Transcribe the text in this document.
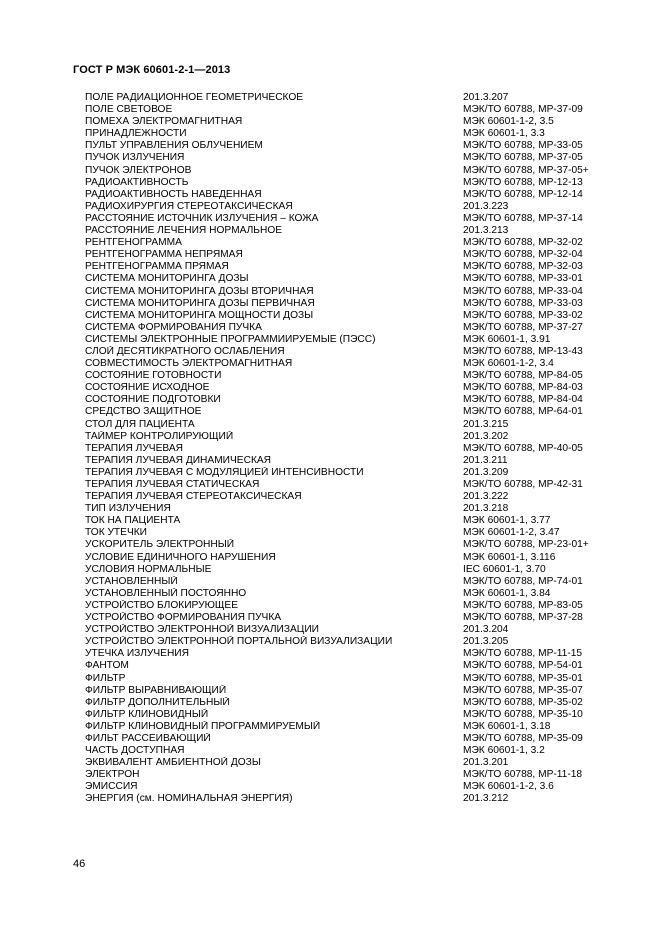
ГОСТ Р МЭК 60601-2-1—2013
ПОЛЕ РАДИАЦИОННОЕ ГЕОМЕТРИЧЕСКОЕ	201.3.207
ПОЛЕ СВЕТОВОЕ	МЭК/ТО 60788, МР-37-09
ПОМЕХА ЭЛЕКТРОМАГНИТНАЯ	МЭК 60601-1-2, 3.5
ПРИНАДЛЕЖНОСТИ	МЭК 60601-1, 3.3
ПУЛЬТ УПРАВЛЕНИЯ ОБЛУЧЕНИЕМ	МЭК/ТО 60788, МР-33-05
ПУЧОК ИЗЛУЧЕНИЯ	МЭК/ТО 60788, МР-37-05
ПУЧОК ЭЛЕКТРОНОВ	МЭК/ТО 60788, МР-37-05+
РАДИОАКТИВНОСТЬ	МЭК/ТО 60788, МР-12-13
РАДИОАКТИВНОСТЬ НАВЕДЕННАЯ	МЭК/ТО 60788, МР-12-14
РАДИОХИРУРГИЯ СТЕРЕОТАКСИЧЕСКАЯ	201.3.223
РАССТОЯНИЕ ИСТОЧНИК ИЗЛУЧЕНИЯ – КОЖА	МЭК/ТО 60788, МР-37-14
РАССТОЯНИЕ ЛЕЧЕНИЯ НОРМАЛЬНОЕ	201.3.213
РЕНТГЕНОГРАММА	МЭК/ТО 60788, МР-32-02
РЕНТГЕНОГРАММА НЕПРЯМАЯ	МЭК/ТО 60788, МР-32-04
РЕНТГЕНОГРАММА ПРЯМАЯ	МЭК/ТО 60788, МР-32-03
СИСТЕМА МОНИТОРИНГА ДОЗЫ	МЭК/ТО 60788, МР-33-01
СИСТЕМА МОНИТОРИНГА ДОЗЫ ВТОРИЧНАЯ	МЭК/ТО 60788, МР-33-04
СИСТЕМА МОНИТОРИНГА ДОЗЫ ПЕРВИЧНАЯ	МЭК/ТО 60788, МР-33-03
СИСТЕМА МОНИТОРИНГА МОЩНОСТИ ДОЗЫ	МЭК/ТО 60788, МР-33-02
СИСТЕМА ФОРМИРОВАНИЯ ПУЧКА	МЭК/ТО 60788, МР-37-27
СИСТЕМЫ ЭЛЕКТРОННЫЕ ПРОГРАММИИРУЕМЫЕ (ПЭСС)	МЭК 60601-1, 3.91
СЛОЙ ДЕСЯТИКРАТНОГО ОСЛАБЛЕНИЯ	МЭК/ТО 60788, МР-13-43
СОВМЕСТИМОСТЬ ЭЛЕКТРОМАГНИТНАЯ	МЭК 60601-1-2, 3.4
СОСТОЯНИЕ ГОТОВНОСТИ	МЭК/ТО 60788, МР-84-05
СОСТОЯНИЕ ИСХОДНОЕ	МЭК/ТО 60788, МР-84-03
СОСТОЯНИЕ ПОДГОТОВКИ	МЭК/ТО 60788, МР-84-04
СРЕДСТВО ЗАЩИТНОЕ	МЭК/ТО 60788, МР-64-01
СТОЛ ДЛЯ ПАЦИЕНТА	201.3.215
ТАЙМЕР КОНТРОЛИРУЮЩИЙ	201.3.202
ТЕРАПИЯ ЛУЧЕВАЯ	МЭК/ТО 60788, МР-40-05
ТЕРАПИЯ ЛУЧЕВАЯ ДИНАМИЧЕСКАЯ	201.3.211
ТЕРАПИЯ ЛУЧЕВАЯ С МОДУЛЯЦИЕЙ ИНТЕНСИВНОСТИ	201.3.209
ТЕРАПИЯ ЛУЧЕВАЯ СТАТИЧЕСКАЯ	МЭК/ТО 60788, МР-42-31
ТЕРАПИЯ ЛУЧЕВАЯ СТЕРЕОТАКСИЧЕСКАЯ	201.3.222
ТИП ИЗЛУЧЕНИЯ	201.3.218
ТОК НА ПАЦИЕНТА	МЭК 60601-1, 3.77
ТОК УТЕЧКИ	МЭК 60601-1-2, 3.47
УСКОРИТЕЛЬ ЭЛЕКТРОННЫЙ	МЭК/ТО 60788, МР-23-01+
УСЛОВИЕ ЕДИНИЧНОГО НАРУШЕНИЯ	МЭК 60601-1, 3.116
УСЛОВИЯ НОРМАЛЬНЫЕ	IEC 60601-1, 3.70
УСТАНОВЛЕННЫЙ	МЭК/ТО 60788, МР-74-01
УСТАНОВЛЕННЫЙ ПОСТОЯННО	МЭК 60601-1, 3.84
УСТРОЙСТВО БЛОКИРУЮЩЕЕ	МЭК/ТО 60788, МР-83-05
УСТРОЙСТВО ФОРМИРОВАНИЯ ПУЧКА	МЭК/ТО 60788, МР-37-28
УСТРОЙСТВО ЭЛЕКТРОННОЙ ВИЗУАЛИЗАЦИИ	201.3.204
УСТРОЙСТВО ЭЛЕКТРОННОЙ ПОРТАЛЬНОЙ ВИЗУАЛИЗАЦИИ	201.3.205
УТЕЧКА ИЗЛУЧЕНИЯ	МЭК/ТО 60788, МР-11-15
ФАНТОМ	МЭК/ТО 60788, МР-54-01
ФИЛЬТР	МЭК/ТО 60788, МР-35-01
ФИЛЬТР ВЫРАВНИВАЮЩИЙ	МЭК/ТО 60788, МР-35-07
ФИЛЬТР ДОПОЛНИТЕЛЬНЫЙ	МЭК/ТО 60788, МР-35-02
ФИЛЬТР КЛИНОВИДНЫЙ	МЭК/ТО 60788, МР-35-10
ФИЛЬТР КЛИНОВИДНЫЙ ПРОГРАММИРУЕМЫЙ	МЭК 60601-1, 3.18
ФИЛЬТ РАССЕИВАЮЩИЙ	МЭК/ТО 60788, МР-35-09
ЧАСТЬ ДОСТУПНАЯ	МЭК 60601-1, 3.2
ЭКВИВАЛЕНТ АМБИЕНТНОЙ ДОЗЫ	201.3.201
ЭЛЕКТРОН	МЭК/ТО 60788, МР-11-18
ЭМИССИЯ	МЭК 60601-1-2, 3.6
ЭНЕРГИЯ (см. НОМИНАЛЬНАЯ ЭНЕРГИЯ)	201.3.212
46
